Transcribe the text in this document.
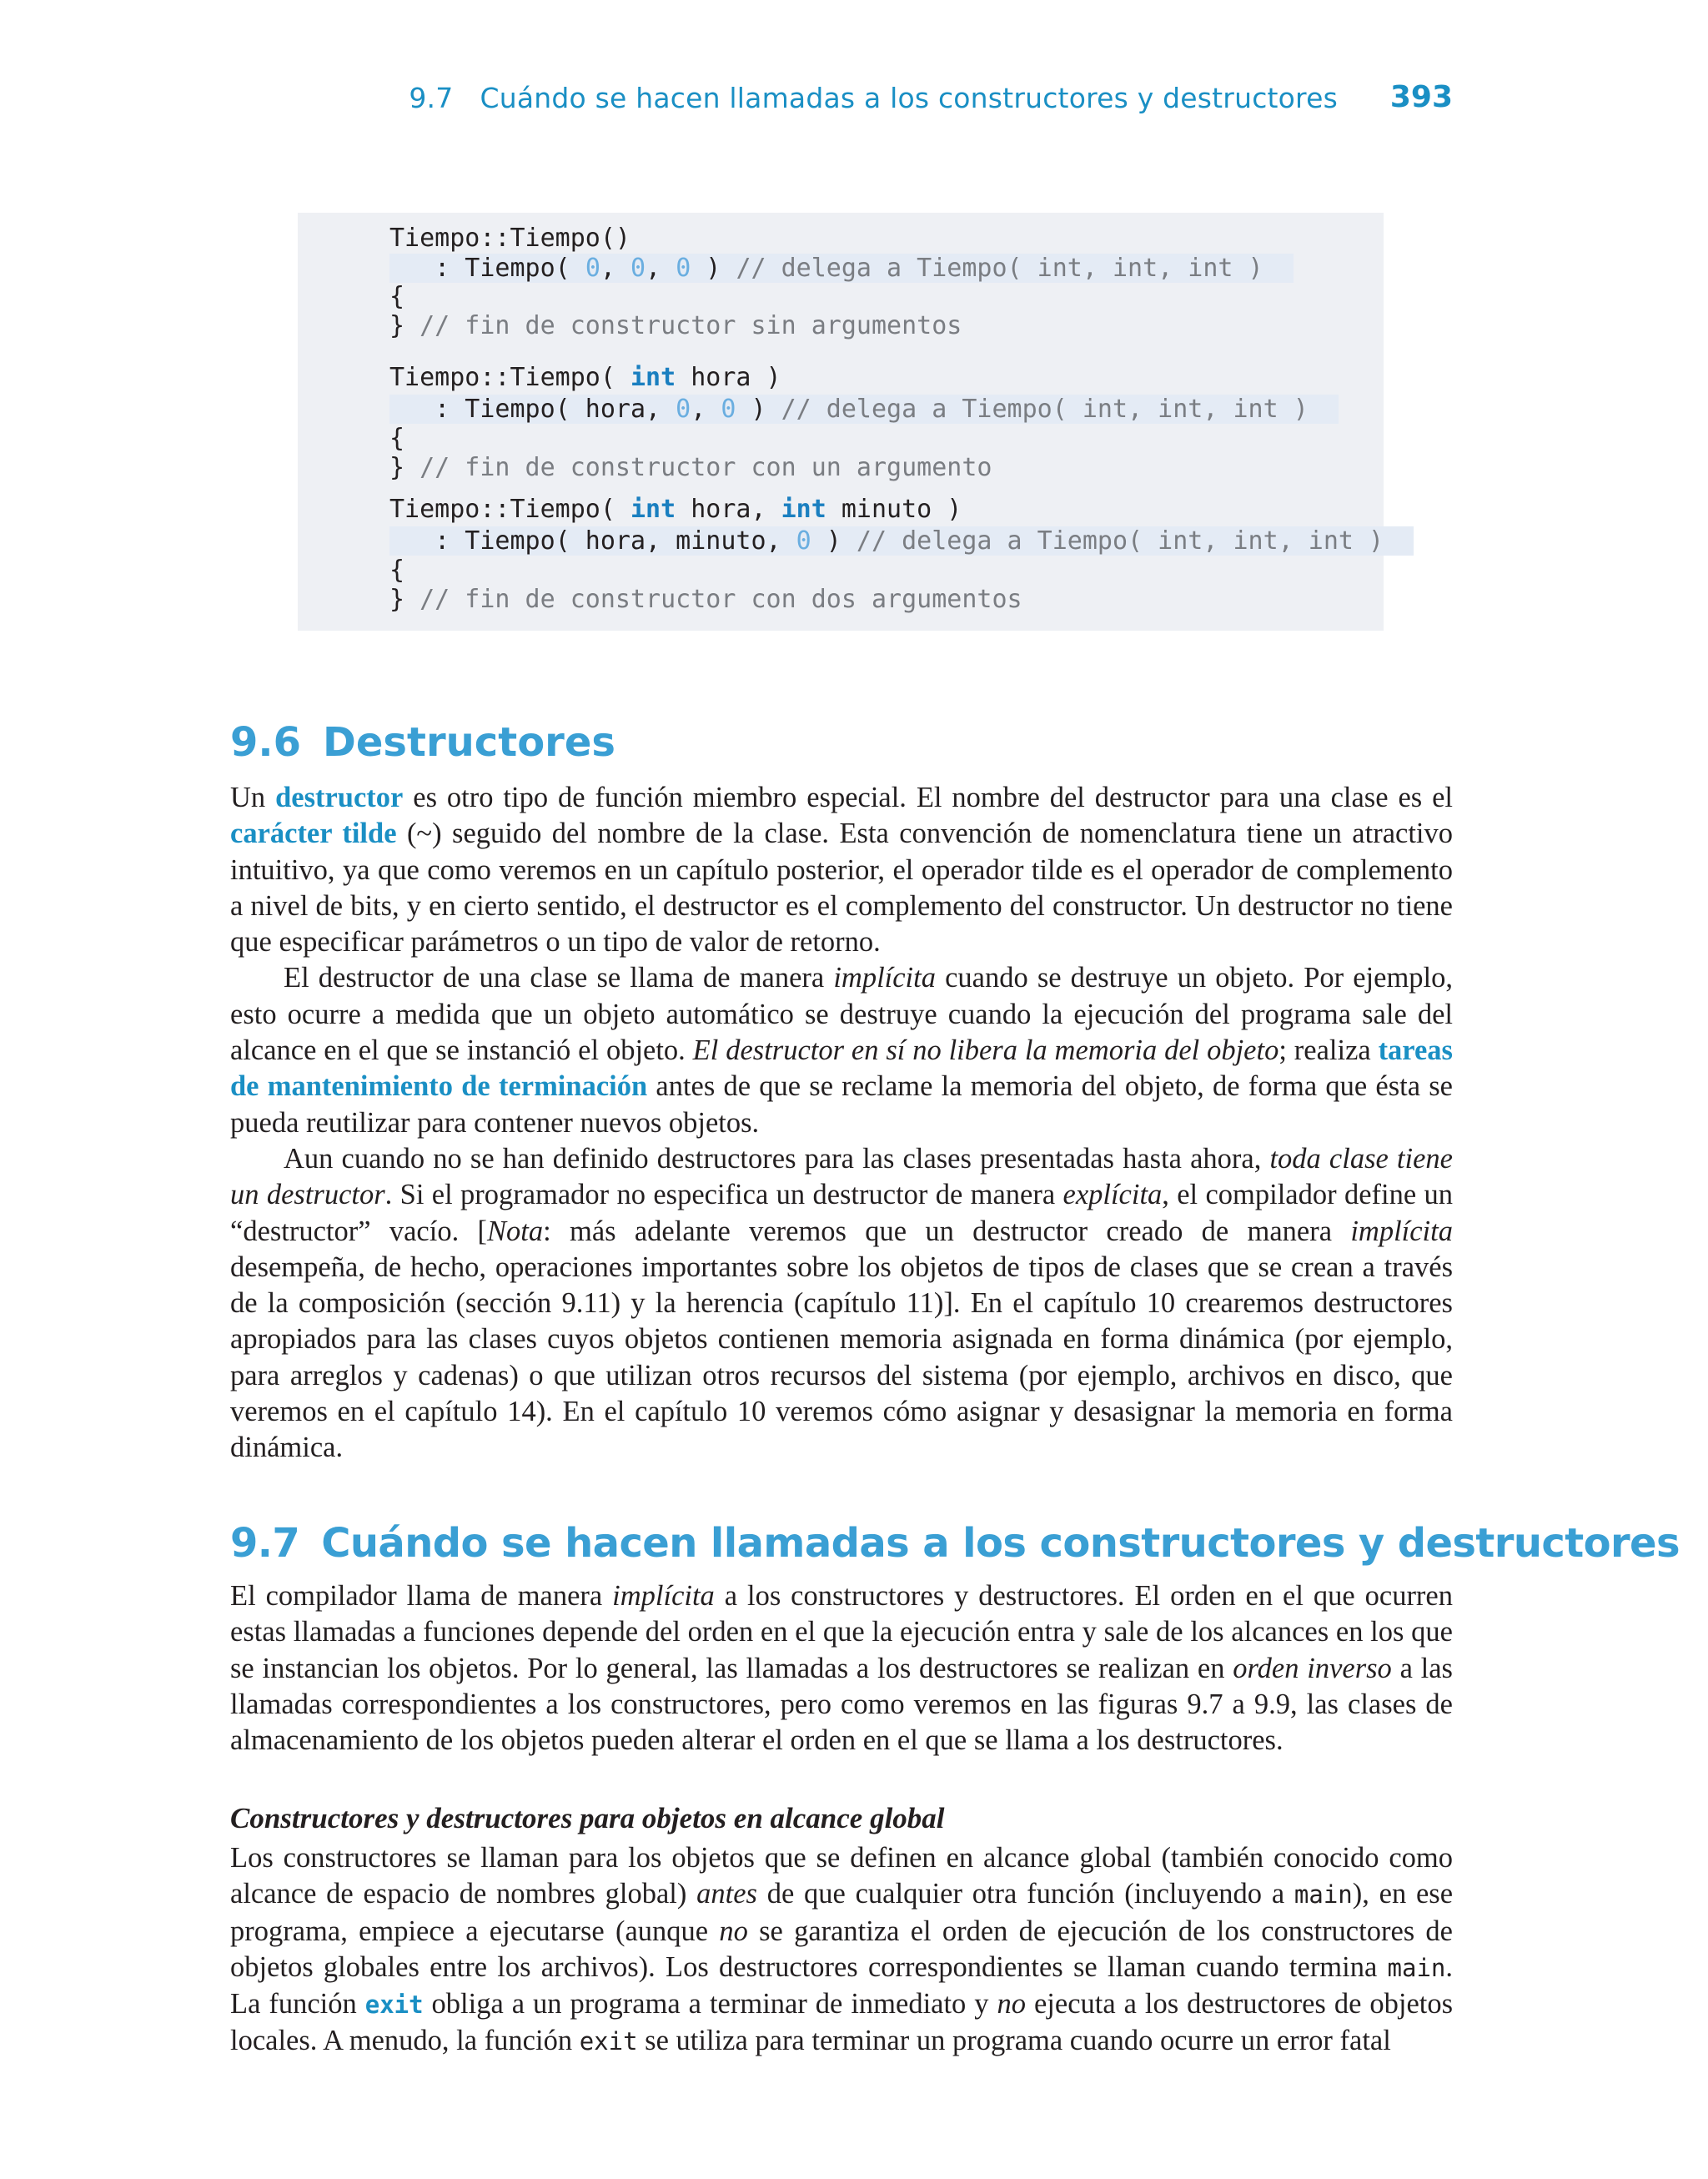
9.7 Cuándo se hacen llamadas a los constructores y destructores 393
Tiempo::Tiempo()
: Tiempo( 0, 0, 0 ) // delega a Tiempo( int, int, int )
{
} // fin de constructor sin argumentos
Tiempo::Tiempo( int hora )
: Tiempo( hora, 0, 0 ) // delega a Tiempo( int, int, int )
{
} // fin de constructor con un argumento
Tiempo::Tiempo( int hora, int minuto )
: Tiempo( hora, minuto, 0 ) // delega a Tiempo( int, int, int )
{
} // fin de constructor con dos argumentos
9.6 Destructores

Un destructor es otro tipo de función miembro especial. El nombre del destructor para una clase es el carácter tilde (~) seguido del nombre de la clase. Esta convención de nomenclatura tiene un atractivo intuitivo, ya que como veremos en un capítulo posterior, el operador tilde es el operador de complemento a nivel de bits, y en cierto sentido, el destructor es el complemento del constructor. Un destructor no tiene que especificar parámetros o un tipo de valor de retorno.

El destructor de una clase se llama de manera implícita cuando se destruye un objeto. Por ejemplo, esto ocurre a medida que un objeto automático se destruye cuando la ejecución del programa sale del alcance en el que se instanció el objeto. El destructor en sí no libera la memoria del objeto; realiza tareas de mantenimiento de terminación antes de que se reclame la memoria del objeto, de forma que ésta se pueda reutilizar para contener nuevos objetos.

Aun cuando no se han definido destructores para las clases presentadas hasta ahora, toda clase tiene un destructor. Si el programador no especifica un destructor de manera explícita, el compilador define un “destructor” vacío. [Nota: más adelante veremos que un destructor creado de manera implícita desempeña, de hecho, operaciones importantes sobre los objetos de tipos de clases que se crean a través de la composición (sección 9.11) y la herencia (capítulo 11)]. En el capítulo 10 crearemos destructores apropiados para las clases cuyos objetos contienen memoria asignada en forma dinámica (por ejemplo, para arreglos y cadenas) o que utilizan otros recursos del sistema (por ejemplo, archivos en disco, que veremos en el capítulo 14). En el capítulo 10 veremos cómo asignar y desasignar la memoria en forma dinámica.

9.7 Cuándo se hacen llamadas a los constructores y destructores

El compilador llama de manera implícita a los constructores y destructores. El orden en el que ocurren estas llamadas a funciones depende del orden en el que la ejecución entra y sale de los alcances en los que se instancian los objetos. Por lo general, las llamadas a los destructores se realizan en orden inverso a las llamadas correspondientes a los constructores, pero como veremos en las figuras 9.7 a 9.9, las clases de almacenamiento de los objetos pueden alterar el orden en el que se llama a los destructores.

Constructores y destructores para objetos en alcance global

Los constructores se llaman para los objetos que se definen en alcance global (también conocido como alcance de espacio de nombres global) antes de que cualquier otra función (incluyendo a main), en ese programa, empiece a ejecutarse (aunque no se garantiza el orden de ejecución de los constructores de objetos globales entre los archivos). Los destructores correspondientes se llaman cuando termina main. La función exit obliga a un programa a terminar de inmediato y no ejecuta a los destructores de objetos locales. A menudo, la función exit se utiliza para terminar un programa cuando ocurre un error fatal
